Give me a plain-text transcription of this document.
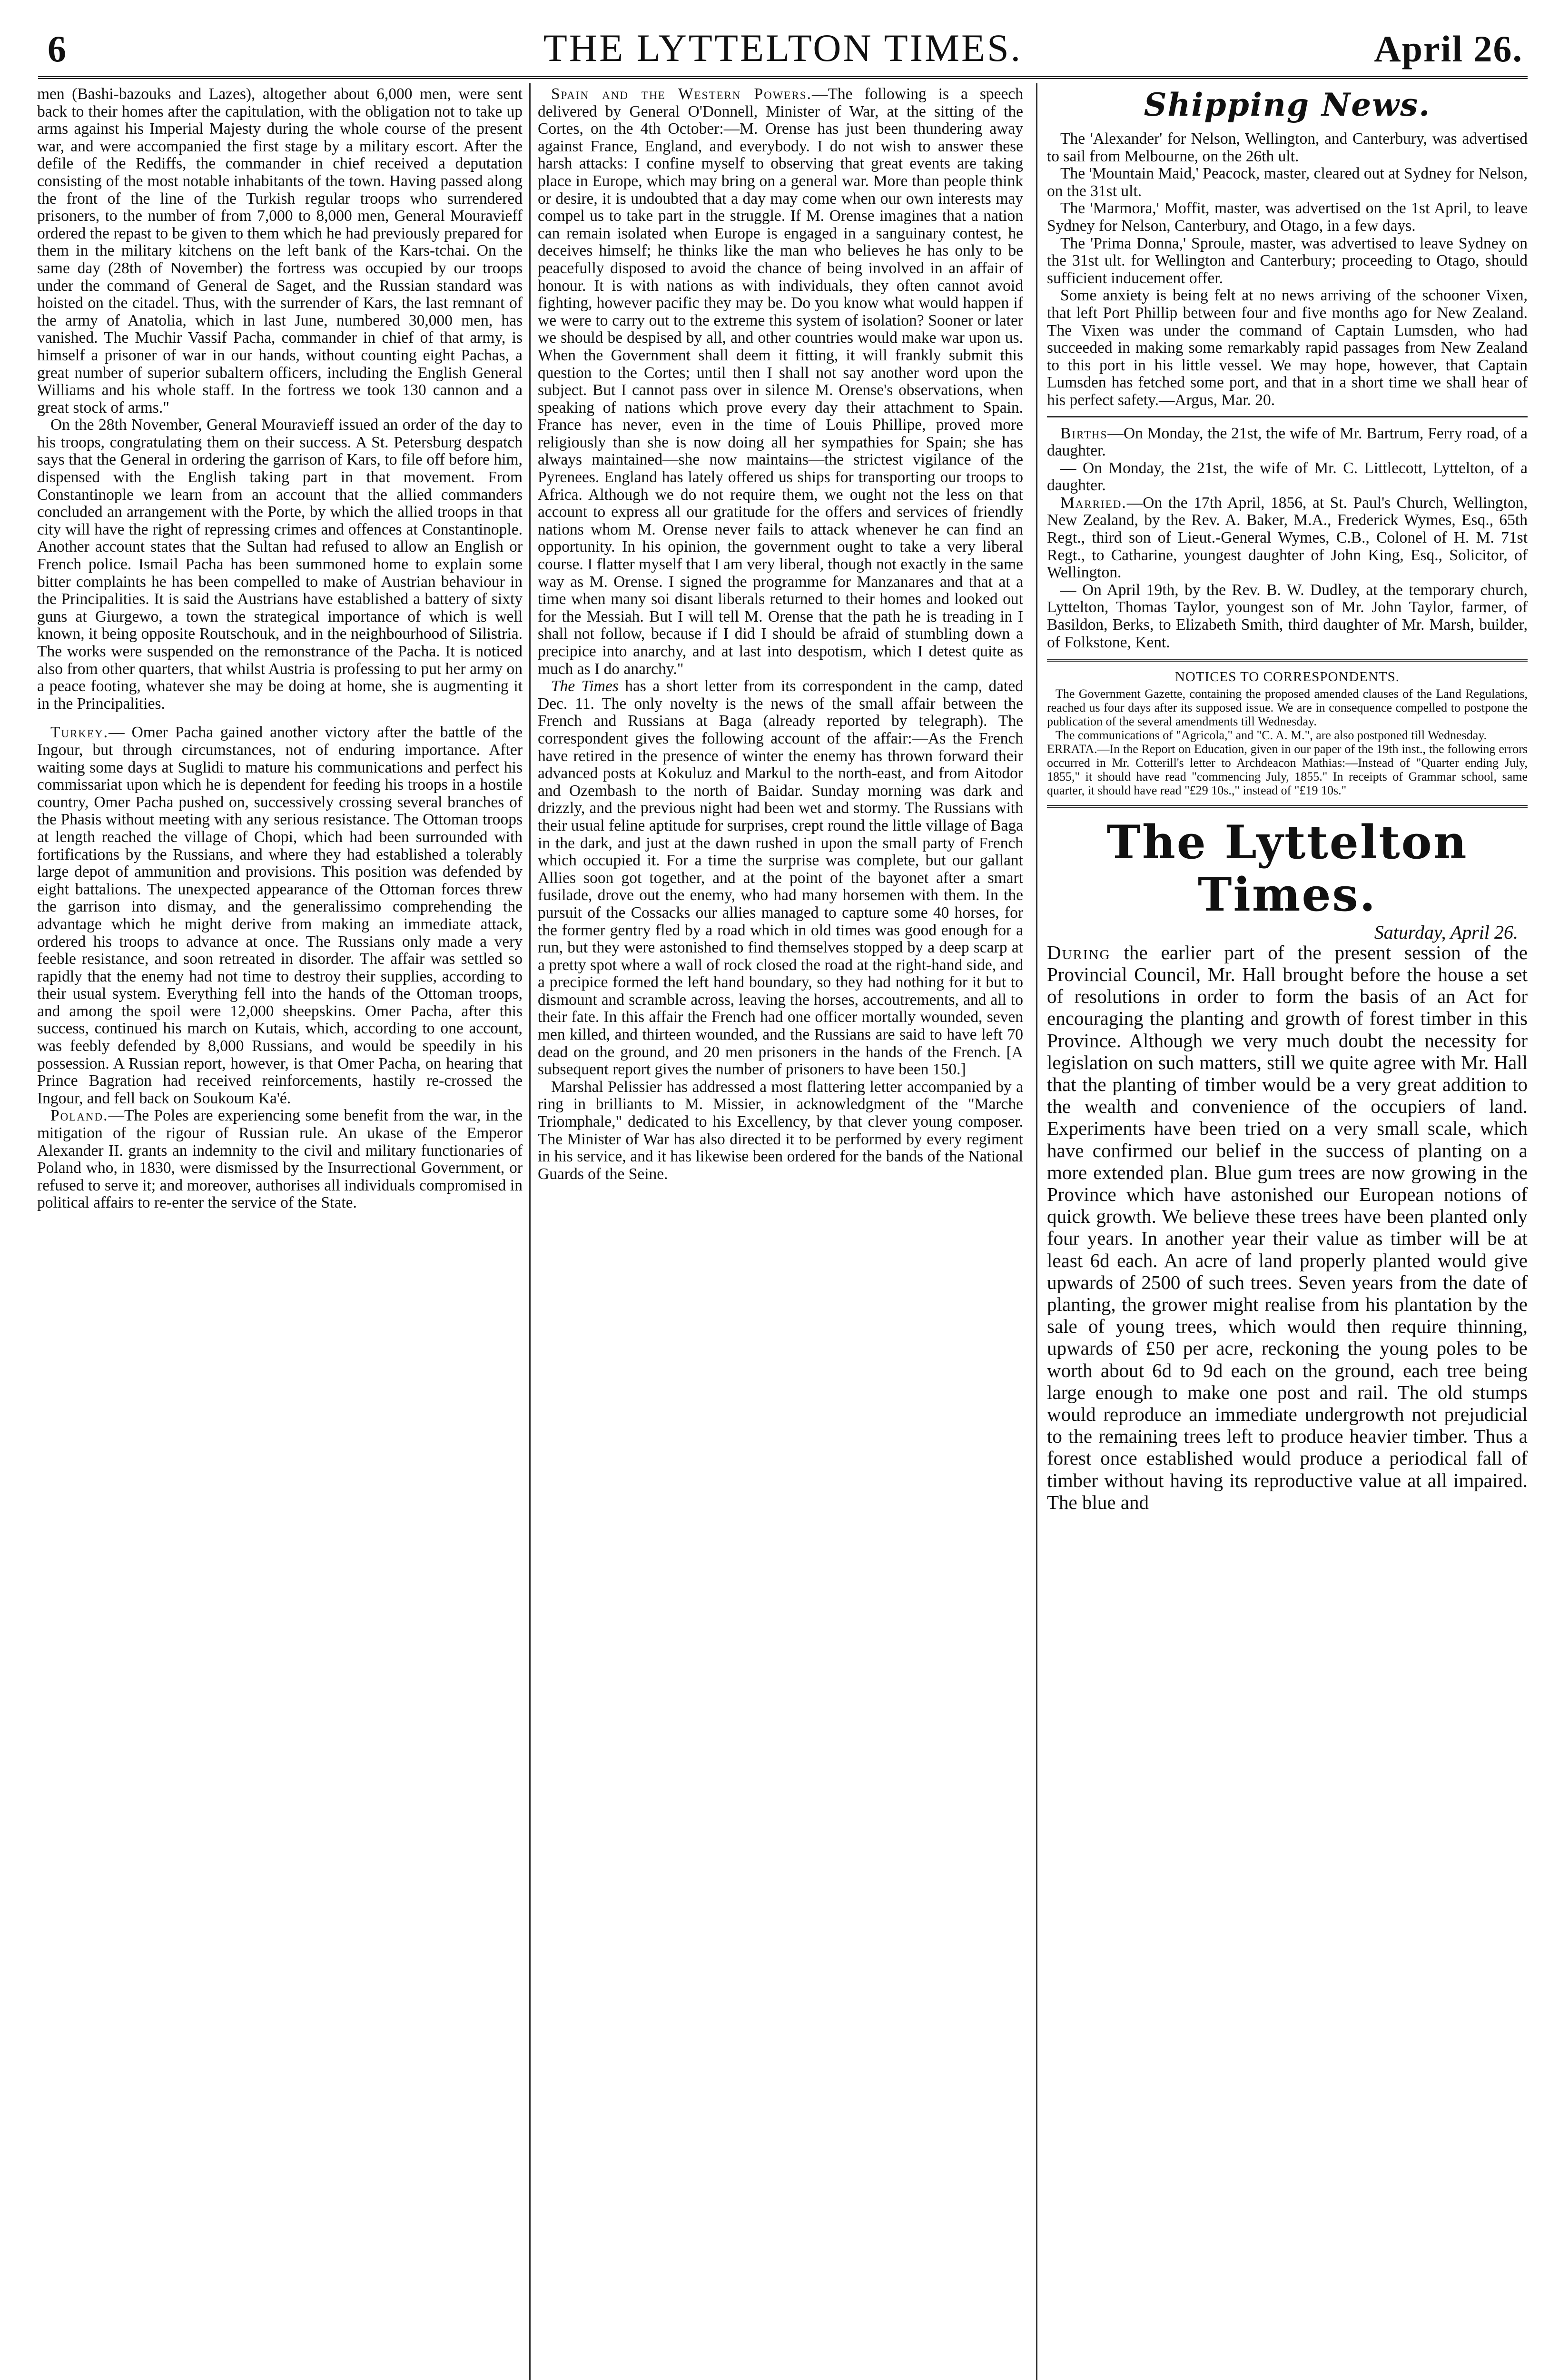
6	THE LYTTELTON TIMES.	April 26.

men (Bashi-bazouks and Lazes), altogether about 6,000 men, were sent back to their homes after the capitulation, with the obligation not to take up arms against his Imperial Majesty during the whole course of the present war, and were accompanied the first stage by a military escort. After the defile of the Rediffs, the commander in chief received a deputation consisting of the most notable inhabitants of the town. Having passed along the front of the line of the Turkish regular troops who surrendered prisoners, to the number of from 7,000 to 8,000 men, General Mouravieff ordered the repast to be given to them which he had previously prepared for them in the military kitchens on the left bank of the Kars-tchai. On the same day (28th of November) the fortress was occupied by our troops under the command of General de Saget, and the Russian standard was hoisted on the citadel. Thus, with the surrender of Kars, the last remnant of the army of Anatolia, which in last June, numbered 30,000 men, has vanished. The Muchir Vassif Pacha, commander in chief of that army, is himself a prisoner of war in our hands, without counting eight Pachas, a great number of superior subaltern officers, including the English General Williams and his whole staff. In the fortress we took 130 cannon and a great stock of arms."

On the 28th November, General Mouravieff issued an order of the day to his troops, congratulating them on their success. A St. Petersburg despatch says that the General in ordering the garrison of Kars, to file off before him, dispensed with the English taking part in that movement. From Constantinople we learn from an account that the allied commanders concluded an arrangement with the Porte, by which the allied troops in that city will have the right of repressing crimes and offences at Constantinople. Another account states that the Sultan had refused to allow an English or French police. Ismail Pacha has been summoned home to explain some bitter complaints he has been compelled to make of Austrian behaviour in the Principalities. It is said the Austrians have established a battery of sixty guns at Giurgewo, a town the strategical importance of which is well known, it being opposite Routschouk, and in the neighbourhood of Silistria. The works were suspended on the remonstrance of the Pacha. It is noticed also from other quarters, that whilst Austria is professing to put her army on a peace footing, whatever she may be doing at home, she is augmenting it in the Principalities.

Turkey.— Omer Pacha gained another victory after the battle of the Ingour, but through circumstances, not of enduring importance. After waiting some days at Suglidi to mature his communications and perfect his commissariat upon which he is dependent for feeding his troops in a hostile country, Omer Pacha pushed on, successively crossing several branches of the Phasis without meeting with any serious resistance. The Ottoman troops at length reached the village of Chopi, which had been surrounded with fortifications by the Russians, and where they had established a tolerably large depot of ammunition and provisions. This position was defended by eight battalions. The unexpected appearance of the Ottoman forces threw the garrison into dismay, and the generalissimo comprehending the advantage which he might derive from making an immediate attack, ordered his troops to advance at once. The Russians only made a very feeble resistance, and soon retreated in disorder. The affair was settled so rapidly that the enemy had not time to destroy their supplies, according to their usual system. Everything fell into the hands of the Ottoman troops, and among the spoil were 12,000 sheepskins. Omer Pacha, after this success, continued his march on Kutais, which, according to one account, was feebly defended by 8,000 Russians, and would be speedily in his possession. A Russian report, however, is that Omer Pacha, on hearing that Prince Bagration had received reinforcements, hastily re-crossed the Ingour, and fell back on Soukoum Ka'é.

Poland.—The Poles are experiencing some benefit from the war, in the mitigation of the rigour of Russian rule. An ukase of the Emperor Alexander II. grants an indemnity to the civil and military functionaries of Poland who, in 1830, were dismissed by the Insurrectional Government, or refused to serve it; and moreover, authorises all individuals compromised in political affairs to re-enter the service of the State.

Spain and the Western Powers.—The following is a speech delivered by General O'Donnell, Minister of War, at the sitting of the Cortes, on the 4th October:—M. Orense has just been thundering away against France, England, and everybody. I do not wish to answer these harsh attacks: I confine myself to observing that great events are taking place in Europe, which may bring on a general war. More than people think or desire, it is undoubted that a day may come when our own interests may compel us to take part in the struggle. If M. Orense imagines that a nation can remain isolated when Europe is engaged in a sanguinary contest, he deceives himself; he thinks like the man who believes he has only to be peacefully disposed to avoid the chance of being involved in an affair of honour. It is with nations as with individuals, they often cannot avoid fighting, however pacific they may be. Do you know what would happen if we were to carry out to the extreme this system of isolation? Sooner or later we should be despised by all, and other countries would make war upon us. When the Government shall deem it fitting, it will frankly submit this question to the Cortes; until then I shall not say another word upon the subject. But I cannot pass over in silence M. Orense's observations, when speaking of nations which prove every day their attachment to Spain. France has never, even in the time of Louis Phillipe, proved more religiously than she is now doing all her sympathies for Spain; she has always maintained—she now maintains—the strictest vigilance of the Pyrenees. England has lately offered us ships for transporting our troops to Africa. Although we do not require them, we ought not the less on that account to express all our gratitude for the offers and services of friendly nations whom M. Orense never fails to attack whenever he can find an opportunity. In his opinion, the government ought to take a very liberal course. I flatter myself that I am very liberal, though not exactly in the same way as M. Orense. I signed the programme for Manzanares and that at a time when many soi disant liberals returned to their homes and looked out for the Messiah. But I will tell M. Orense that the path he is treading in I shall not follow, because if I did I should be afraid of stumbling down a precipice into anarchy, and at last into despotism, which I detest quite as much as I do anarchy."

The Times has a short letter from its correspondent in the camp, dated Dec. 11. The only novelty is the news of the small affair between the French and Russians at Baga (already reported by telegraph). The correspondent gives the following account of the affair:—As the French have retired in the presence of winter the enemy has thrown forward their advanced posts at Kokuluz and Markul to the north-east, and from Aitodor and Ozembash to the north of Baidar. Sunday morning was dark and drizzly, and the previous night had been wet and stormy. The Russians with their usual feline aptitude for surprises, crept round the little village of Baga in the dark, and just at the dawn rushed in upon the small party of French which occupied it. For a time the surprise was complete, but our gallant Allies soon got together, and at the point of the bayonet after a smart fusilade, drove out the enemy, who had many horsemen with them. In the pursuit of the Cossacks our allies managed to capture some 40 horses, for the former gentry fled by a road which in old times was good enough for a run, but they were astonished to find themselves stopped by a deep scarp at a pretty spot where a wall of rock closed the road at the right-hand side, and a precipice formed the left hand boundary, so they had nothing for it but to dismount and scramble across, leaving the horses, accoutrements, and all to their fate. In this affair the French had one officer mortally wounded, seven men killed, and thirteen wounded, and the Russians are said to have left 70 dead on the ground, and 20 men prisoners in the hands of the French. [A subsequent report gives the number of prisoners to have been 150.]

Marshal Pelissier has addressed a most flattering letter accompanied by a ring in brilliants to M. Missier, in acknowledgment of the "Marche Triomphale," dedicated to his Excellency, by that clever young composer. The Minister of War has also directed it to be performed by every regiment in his service, and it has likewise been ordered for the bands of the National Guards of the Seine.

Shipping News.

The 'Alexander' for Nelson, Wellington, and Canterbury, was advertised to sail from Melbourne, on the 26th ult.

The 'Mountain Maid,' Peacock, master, cleared out at Sydney for Nelson, on the 31st ult.

The 'Marmora,' Moffit, master, was advertised on the 1st April, to leave Sydney for Nelson, Canterbury, and Otago, in a few days.

The 'Prima Donna,' Sproule, master, was advertised to leave Sydney on the 31st ult. for Wellington and Canterbury; proceeding to Otago, should sufficient inducement offer.

Some anxiety is being felt at no news arriving of the schooner Vixen, that left Port Phillip between four and five months ago for New Zealand. The Vixen was under the command of Captain Lumsden, who had succeeded in making some remarkably rapid passages from New Zealand to this port in his little vessel. We may hope, however, that Captain Lumsden has fetched some port, and that in a short time we shall hear of his perfect safety.—Argus, Mar. 20.

Births—On Monday, the 21st, the wife of Mr. Bartrum, Ferry road, of a daughter.

— On Monday, the 21st, the wife of Mr. C. Littlecott, Lyttelton, of a daughter.

Married.—On the 17th April, 1856, at St. Paul's Church, Wellington, New Zealand, by the Rev. A. Baker, M.A., Frederick Wymes, Esq., 65th Regt., third son of Lieut.-General Wymes, C.B., Colonel of H. M. 71st Regt., to Catharine, youngest daughter of John King, Esq., Solicitor, of Wellington.

— On April 19th, by the Rev. B. W. Dudley, at the temporary church, Lyttelton, Thomas Taylor, youngest son of Mr. John Taylor, farmer, of Basildon, Berks, to Elizabeth Smith, third daughter of Mr. Marsh, builder, of Folkstone, Kent.

NOTICES TO CORRESPONDENTS.

The Government Gazette, containing the proposed amended clauses of the Land Regulations, reached us four days after its supposed issue. We are in consequence compelled to postpone the publication of the several amendments till Wednesday.

The communications of "Agricola," and "C. A. M.", are also postponed till Wednesday.

ERRATA.—In the Report on Education, given in our paper of the 19th inst., the following errors occurred in Mr. Cotterill's letter to Archdeacon Mathias:—Instead of "Quarter ending July, 1855," it should have read "commencing July, 1855." In receipts of Grammar school, same quarter, it should have read "£29 10s.," instead of "£19 10s."

The Lyttelton Times.
Saturday, April 26.

During the earlier part of the present session of the Provincial Council, Mr. Hall brought before the house a set of resolutions in order to form the basis of an Act for encouraging the planting and growth of forest timber in this Province. Although we very much doubt the necessity for legislation on such matters, still we quite agree with Mr. Hall that the planting of timber would be a very great addition to the wealth and convenience of the occupiers of land. Experiments have been tried on a very small scale, which have confirmed our belief in the success of planting on a more extended plan. Blue gum trees are now growing in the Province which have astonished our European notions of quick growth. We believe these trees have been planted only four years. In another year their value as timber will be at least 6d each. An acre of land properly planted would give upwards of 2500 of such trees. Seven years from the date of planting, the grower might realise from his plantation by the sale of young trees, which would then require thinning, upwards of £50 per acre, reckoning the young poles to be worth about 6d to 9d each on the ground, each tree being large enough to make one post and rail. The old stumps would reproduce an immediate undergrowth not prejudicial to the remaining trees left to produce heavier timber. Thus a forest once established would produce a periodical fall of timber without having its reproductive value at all impaired. The blue and
